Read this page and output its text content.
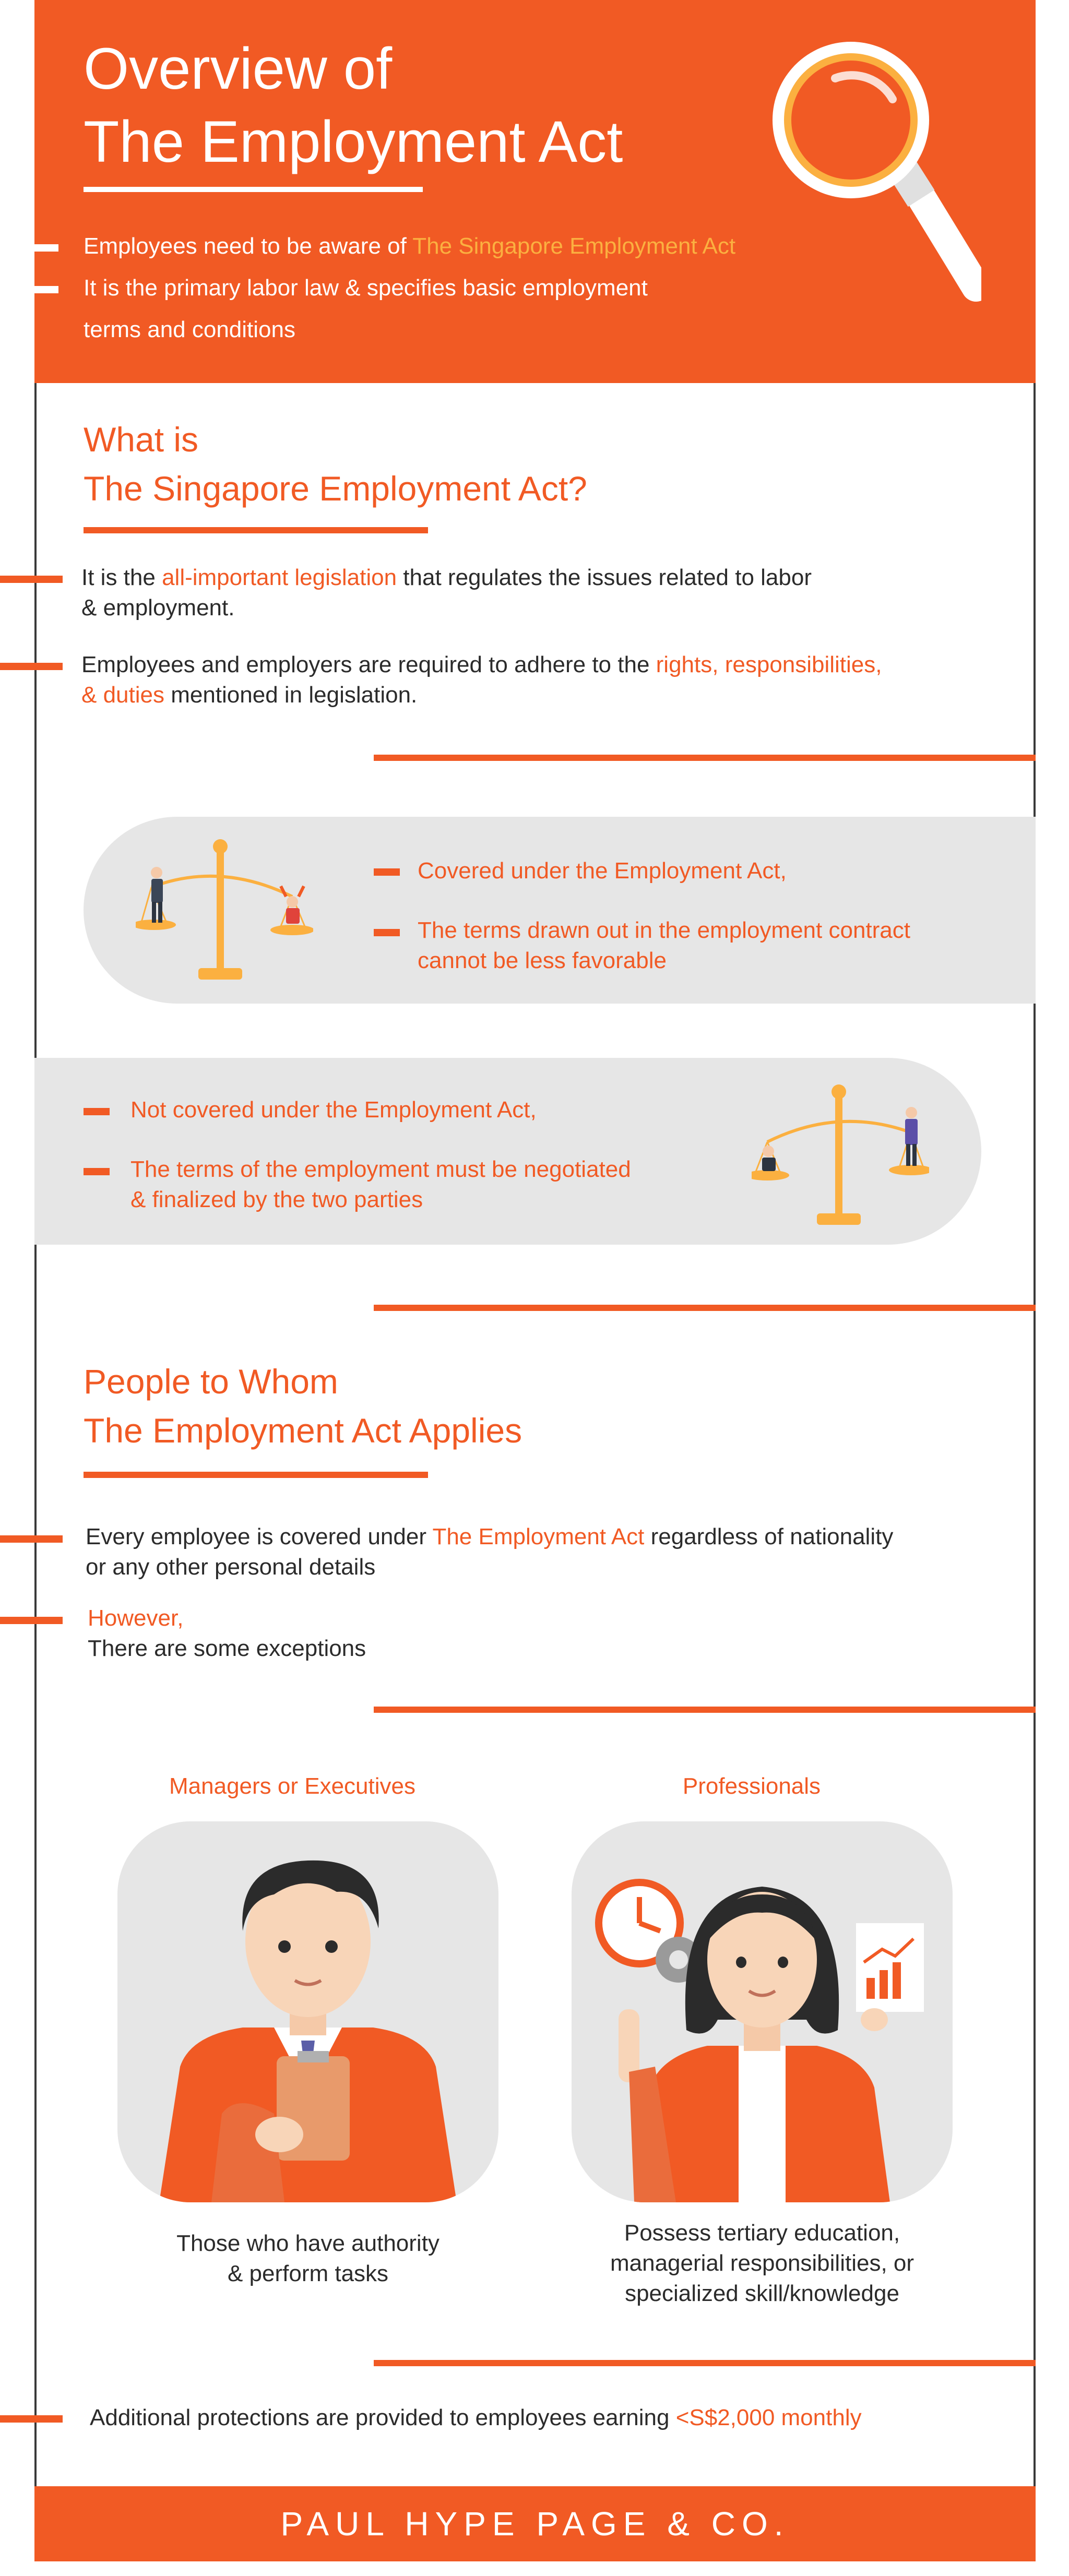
Overview of
The Employment Act
Employees need to be aware of The Singapore Employment Act
It is the primary labor law & specifies basic employment
terms and conditions
What is
The Singapore Employment Act?
It is the all-important legislation that regulates the issues related to labor
& employment.
Employees and employers are required to adhere to the rights, responsibilities,
& duties mentioned in legislation.
Covered under the Employment Act,
The terms drawn out in the employment contract
cannot be less favorable
Not covered under the Employment Act,
The terms of the employment must be negotiated
& finalized by the two parties
People to Whom
The Employment Act Applies
Every employee is covered under The Employment Act regardless of nationality
or any other personal details
However,
There are some exceptions
Managers or Executives	Professionals
Those who have authority
& perform tasks
Possess tertiary education,
managerial responsibilities, or
specialized skill/knowledge
Additional protections are provided to employees earning <S$2,000 monthly
PAUL HYPE PAGE & CO.
